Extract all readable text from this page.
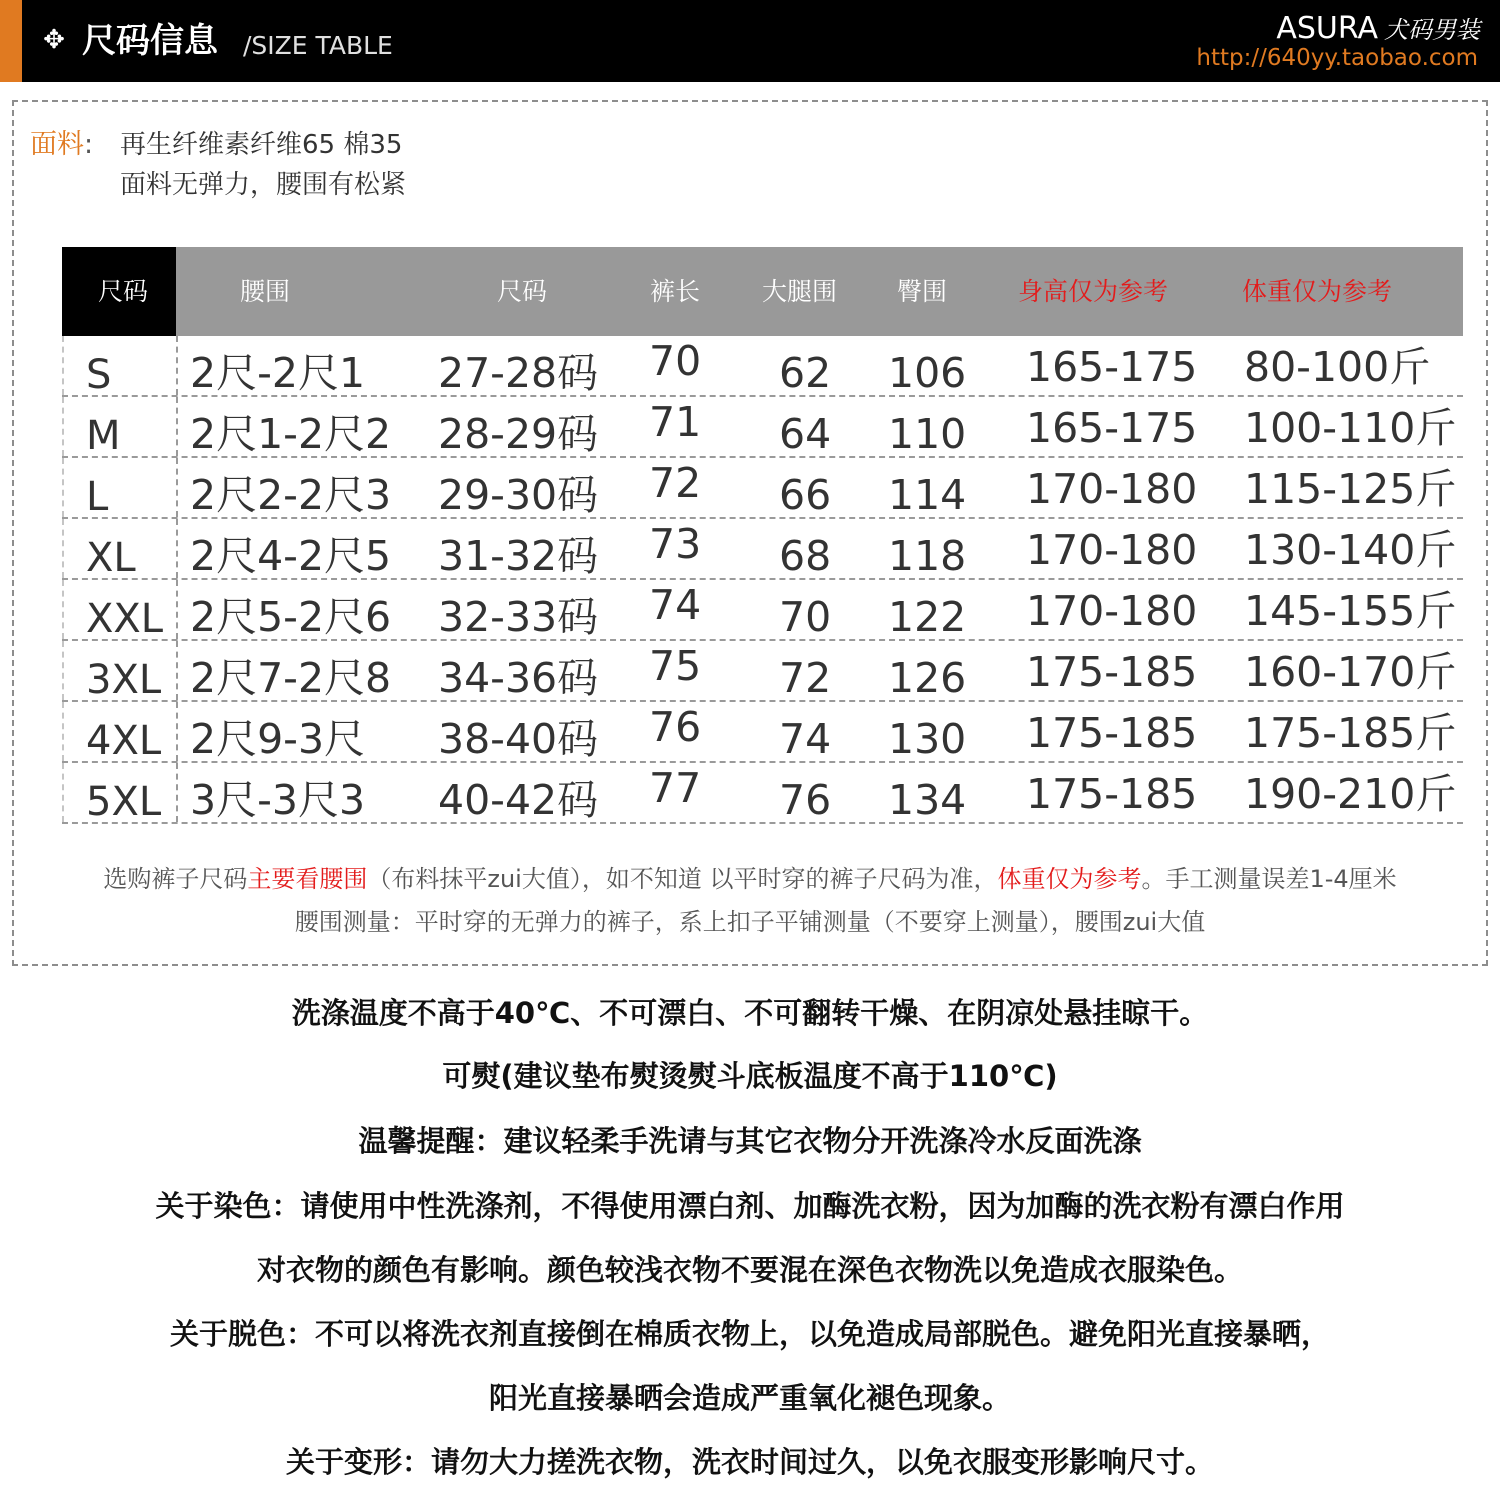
✥ 尺码信息 /SIZE TABLE	ASURA 犬码男装
http://640yy.taobao.com
面料: 再生纤维素纤维65 棉35
面料无弹力，腰围有松紧
尺码	腰围	尺码	裤长 大腿围 臀围	身高仅为参考	体重仅为参考
S 2尺-2尺1 27-28码 70 62 106 165-175 80-100斤
M 2尺1-2尺2 28-29码 71 64 110 165-175 100-110斤
L 2尺2-2尺3 29-30码 72 66 114 170-180 115-125斤
XL 2尺4-2尺5 31-32码 73 68 118 170-180 130-140斤
XXL 2尺5-2尺6 32-33码 74 70 122 170-180 145-155斤
3XL 2尺7-2尺8 34-36码 75 72 126 175-185 160-170斤
4XL 2尺9-3尺 38-40码 76 74 130 175-185 175-185斤
5XL 3尺-3尺3 40-42码 77 76 134 175-185 190-210斤
选购裤子尺码主要看腰围（布料抹平zui大值），如不知道 以平时穿的裤子尺码为准，体重仅为参考。手工测量误差1-4厘米
腰围测量：平时穿的无弹力的裤子，系上扣子平铺测量（不要穿上测量），腰围zui大值
洗涤温度不高于40℃、不可漂白、不可翻转干燥、在阴凉处悬挂晾干。
可熨(建议垫布熨烫熨斗底板温度不高于110℃)
温馨提醒：建议轻柔手洗请与其它衣物分开洗涤冷水反面洗涤
关于染色：请使用中性洗涤剂，不得使用漂白剂、加酶洗衣粉，因为加酶的洗衣粉有漂白作用
对衣物的颜色有影响。颜色较浅衣物不要混在深色衣物洗以免造成衣服染色。
关于脱色：不可以将洗衣剂直接倒在棉质衣物上，以免造成局部脱色。避免阳光直接暴晒，
阳光直接暴晒会造成严重氧化褪色现象。
关于变形：请勿大力搓洗衣物，洗衣时间过久，以免衣服变形影响尺寸。
